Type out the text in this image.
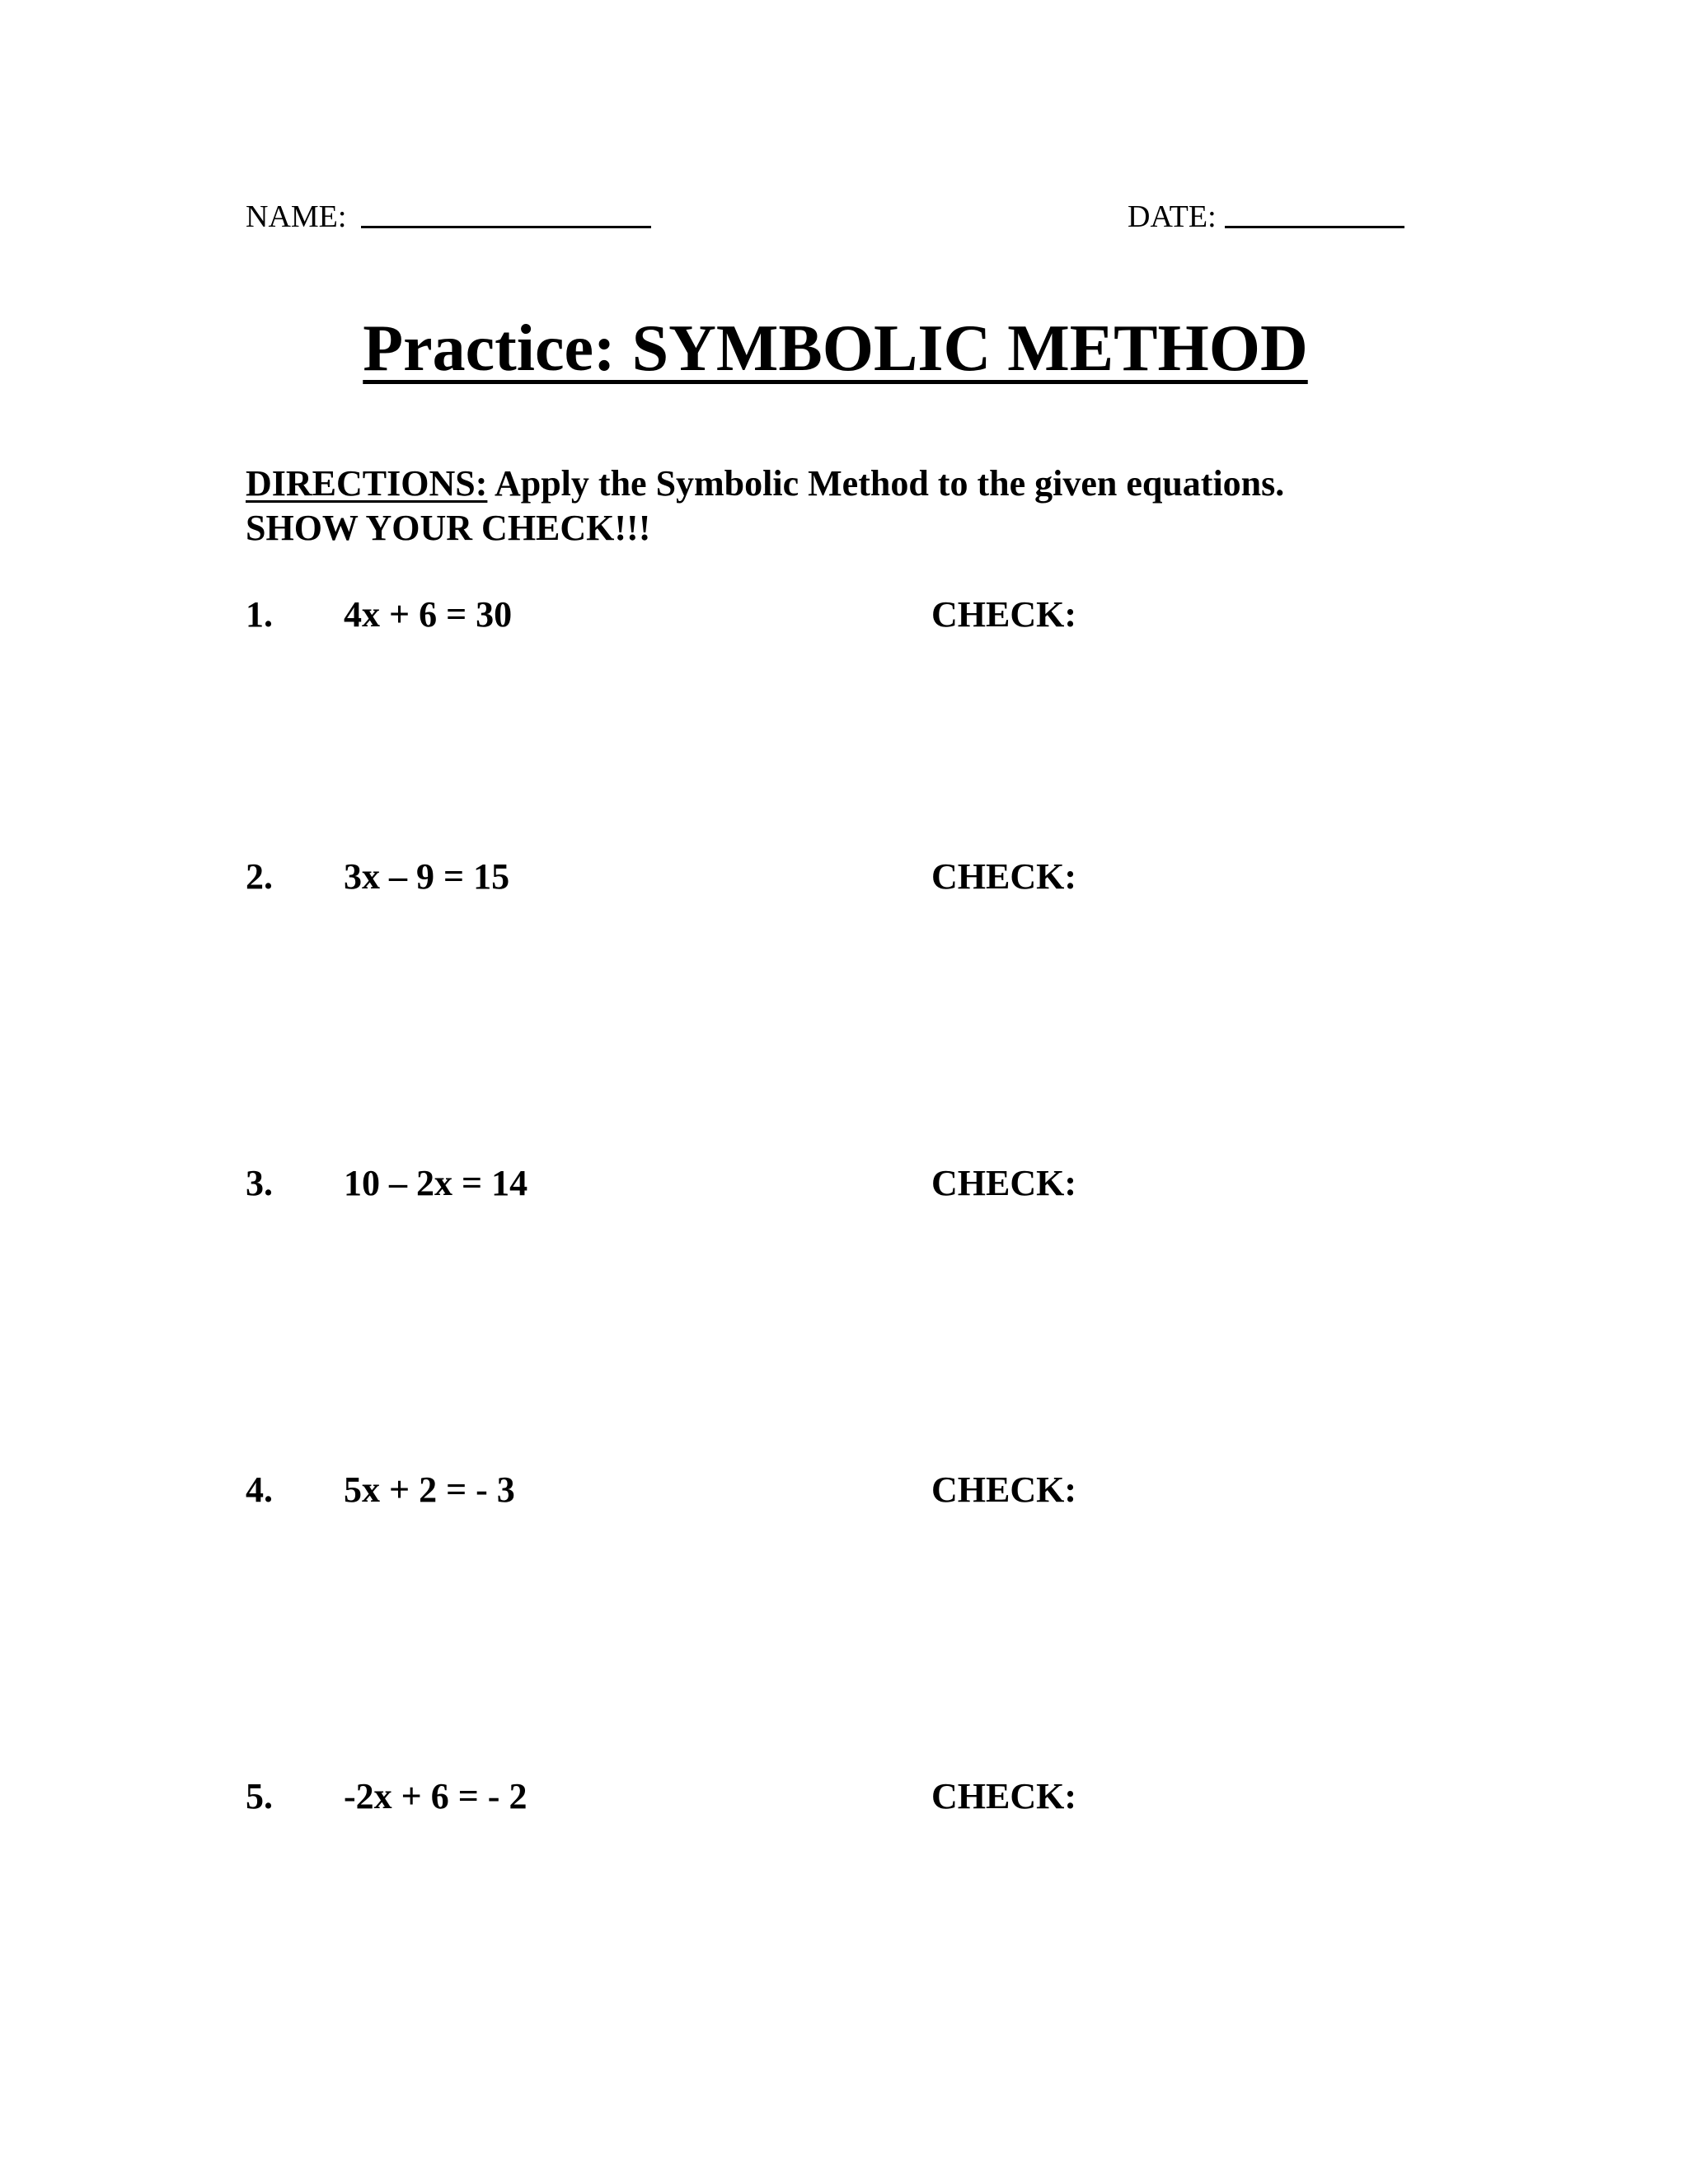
NAME:	DATE:
Practice: SYMBOLIC METHOD
DIRECTIONS: Apply the Symbolic Method to the given equations.
SHOW YOUR CHECK!!!
1. 4x + 6 = 30	CHECK:
2. 3x – 9 = 15	CHECK:
3. 10 – 2x = 14	CHECK:
4. 5x + 2 = - 3	CHECK:
5. -2x + 6 = - 2	CHECK:
